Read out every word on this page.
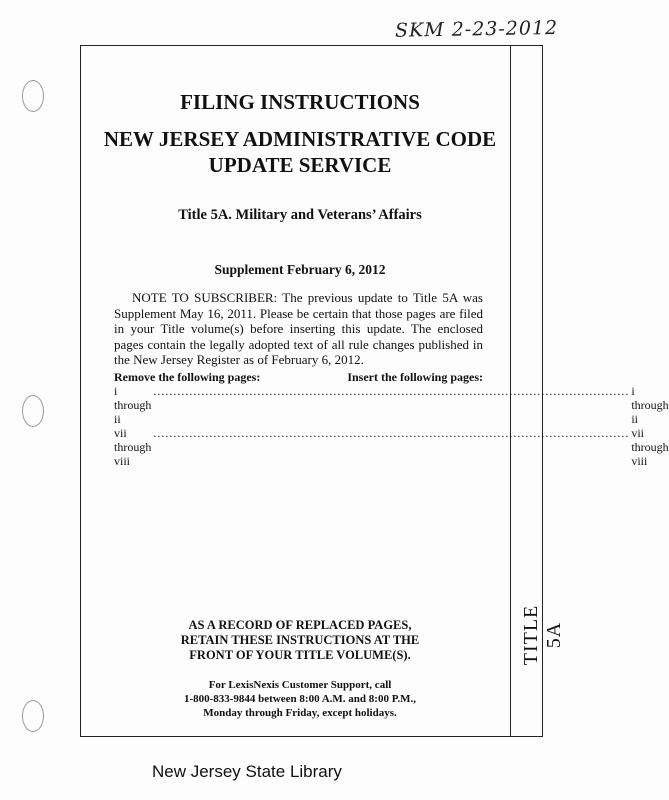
SKM 2-23-2012
TITLE 5A
FILING INSTRUCTIONS
NEW JERSEY ADMINISTRATIVE CODE
UPDATE SERVICE
Title 5A. Military and Veterans’ Affairs
Supplement February 6, 2012
NOTE TO SUBSCRIBER: The previous update to Title 5A was Supplement May 16, 2011. Please be certain that those pages are filed in your Title volume(s) before inserting this update. The enclosed pages contain the legally adopted text of all rule changes published in the New Jersey Register as of February 6, 2012.
Remove the following pages:	Insert the following pages:
i through ii
....................................................................................................................... i through ii
vii through viii
....................................................................................................................... vii through viii
AS A RECORD OF REPLACED PAGES,
RETAIN THESE INSTRUCTIONS AT THE
FRONT OF YOUR TITLE VOLUME(S).
For LexisNexis Customer Support, call
1-800-833-9844 between 8:00 A.M. and 8:00 P.M.,
Monday through Friday, except holidays.
New Jersey State Library
